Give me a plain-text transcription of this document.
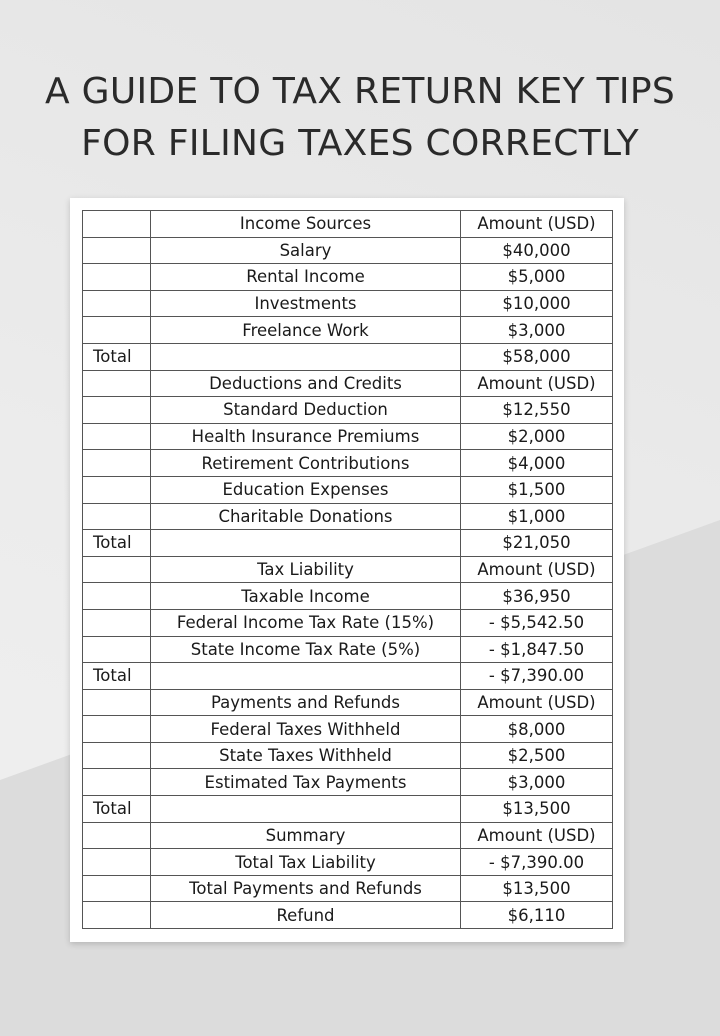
A GUIDE TO TAX RETURN KEY TIPS
FOR FILING TAXES CORRECTLY
	Income Sources	Amount (USD)
	Salary	$40,000
	Rental Income	$5,000
	Investments	$10,000
	Freelance Work	$3,000
Total		$58,000
	Deductions and Credits	Amount (USD)
	Standard Deduction	$12,550
	Health Insurance Premiums	$2,000
	Retirement Contributions	$4,000
	Education Expenses	$1,500
	Charitable Donations	$1,000
Total		$21,050
	Tax Liability	Amount (USD)
	Taxable Income	$36,950
	Federal Income Tax Rate (15%)	- $5,542.50
	State Income Tax Rate (5%)	- $1,847.50
Total		- $7,390.00
	Payments and Refunds	Amount (USD)
	Federal Taxes Withheld	$8,000
	State Taxes Withheld	$2,500
	Estimated Tax Payments	$3,000
Total		$13,500
	Summary	Amount (USD)
	Total Tax Liability	- $7,390.00
	Total Payments and Refunds	$13,500
	Refund	$6,110
